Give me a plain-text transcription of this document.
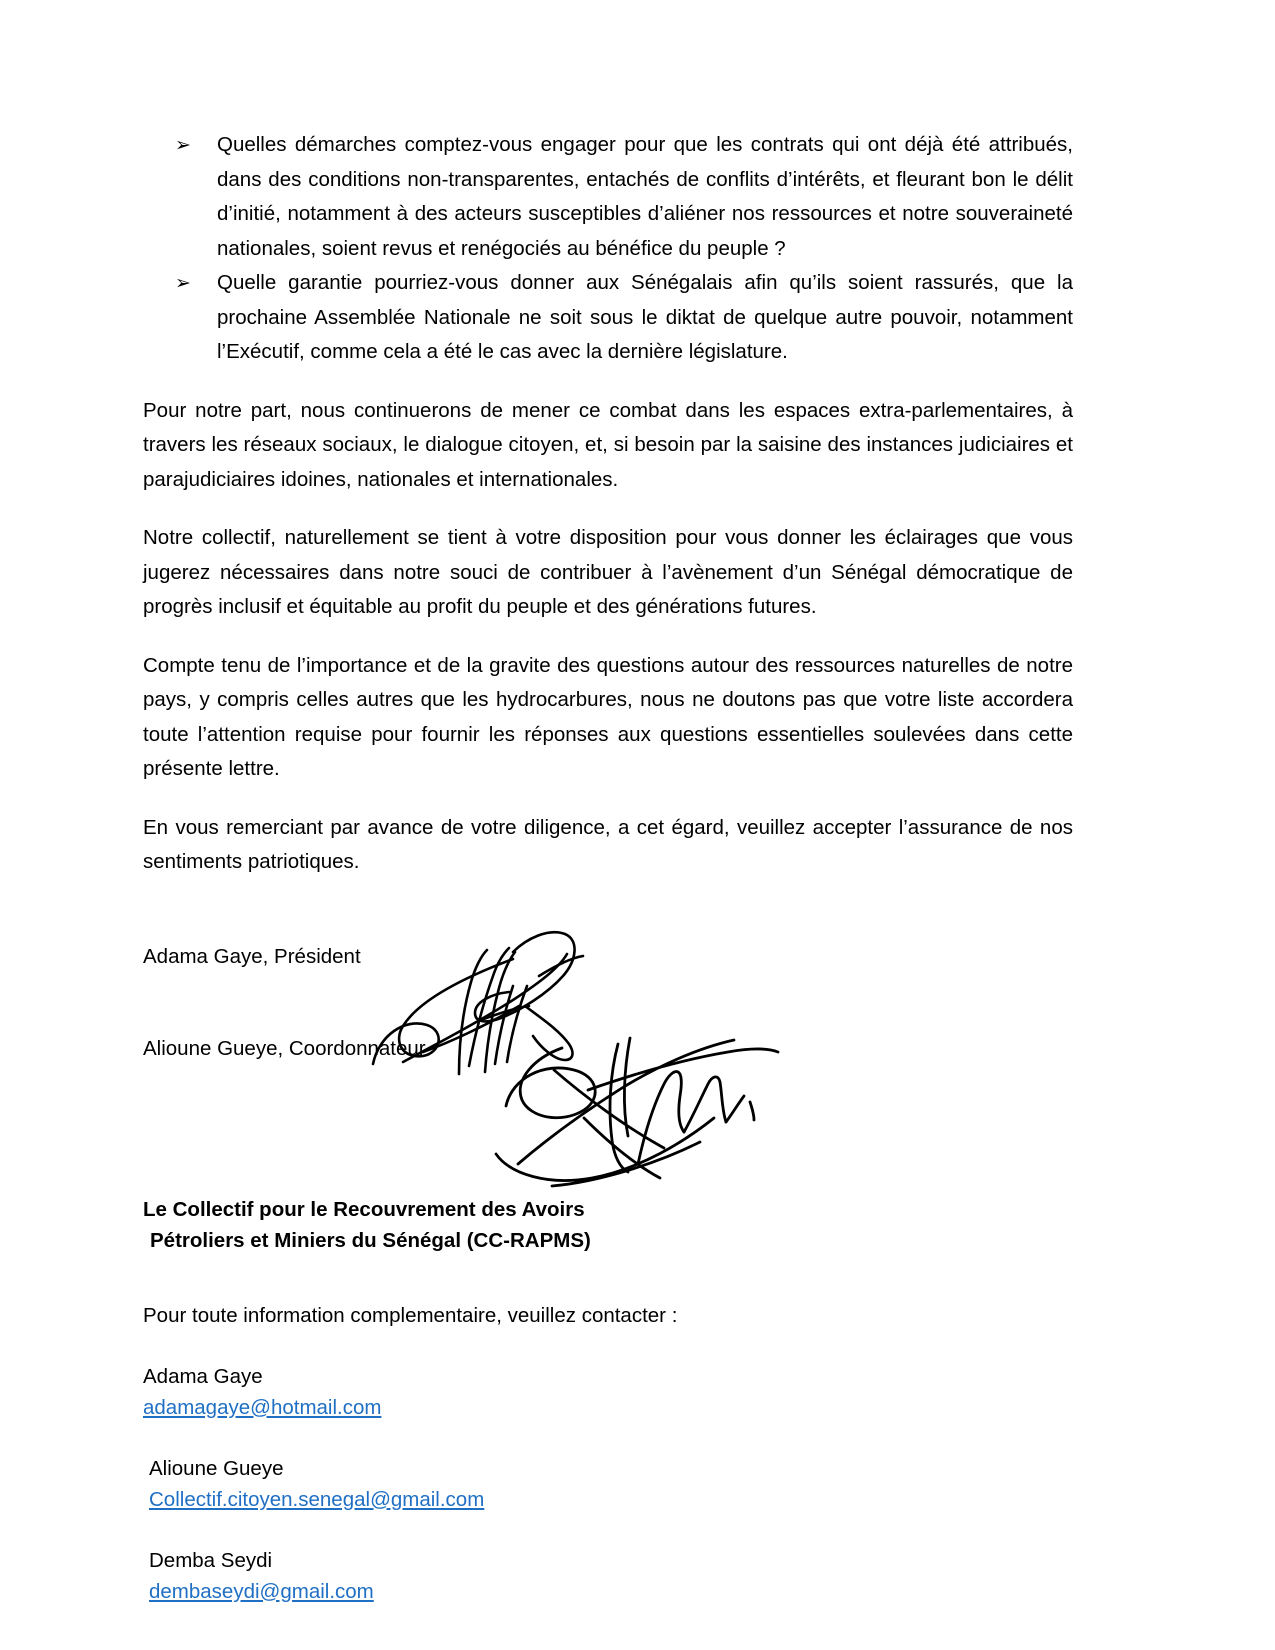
➢ Quelles démarches comptez-vous engager pour que les contrats qui ont déjà été attribués, dans des conditions non-transparentes, entachés de conflits d’intérêts, et fleurant bon le délit d’initié, notamment à des acteurs susceptibles d’aliéner nos ressources et notre souveraineté nationales, soient revus et renégociés au bénéfice du peuple ?
➢ Quelle garantie pourriez-vous donner aux Sénégalais afin qu’ils soient rassurés, que la prochaine Assemblée Nationale ne soit sous le diktat de quelque autre pouvoir, notamment l’Exécutif, comme cela a été le cas avec la dernière législature.

Pour notre part, nous continuerons de mener ce combat dans les espaces extra-parlementaires, à travers les réseaux sociaux, le dialogue citoyen, et, si besoin par la saisine des instances judiciaires et parajudiciaires idoines, nationales et internationales.

Notre collectif, naturellement se tient à votre disposition pour vous donner les éclairages que vous jugerez nécessaires dans notre souci de contribuer à l’avènement d’un Sénégal démocratique de progrès inclusif et équitable au profit du peuple et des générations futures.

Compte tenu de l’importance et de la gravite des questions autour des ressources naturelles de notre pays, y compris celles autres que les hydrocarbures, nous ne doutons pas que votre liste accordera toute l’attention requise pour fournir les réponses aux questions essentielles soulevées dans cette présente lettre.

En vous remerciant par avance de votre diligence, a cet égard, veuillez accepter l’assurance de nos sentiments patriotiques.

Adama Gaye, Président
Alioune Gueye, Coordonnateur
Le Collectif pour le Recouvrement des Avoirs
Pétroliers et Miniers du Sénégal (CC-RAPMS)
Pour toute information complementaire, veuillez contacter :
Adama Gaye
adamagaye@hotmail.com
Alioune Gueye
Collectif.citoyen.senegal@gmail.com
Demba Seydi
dembaseydi@gmail.com
